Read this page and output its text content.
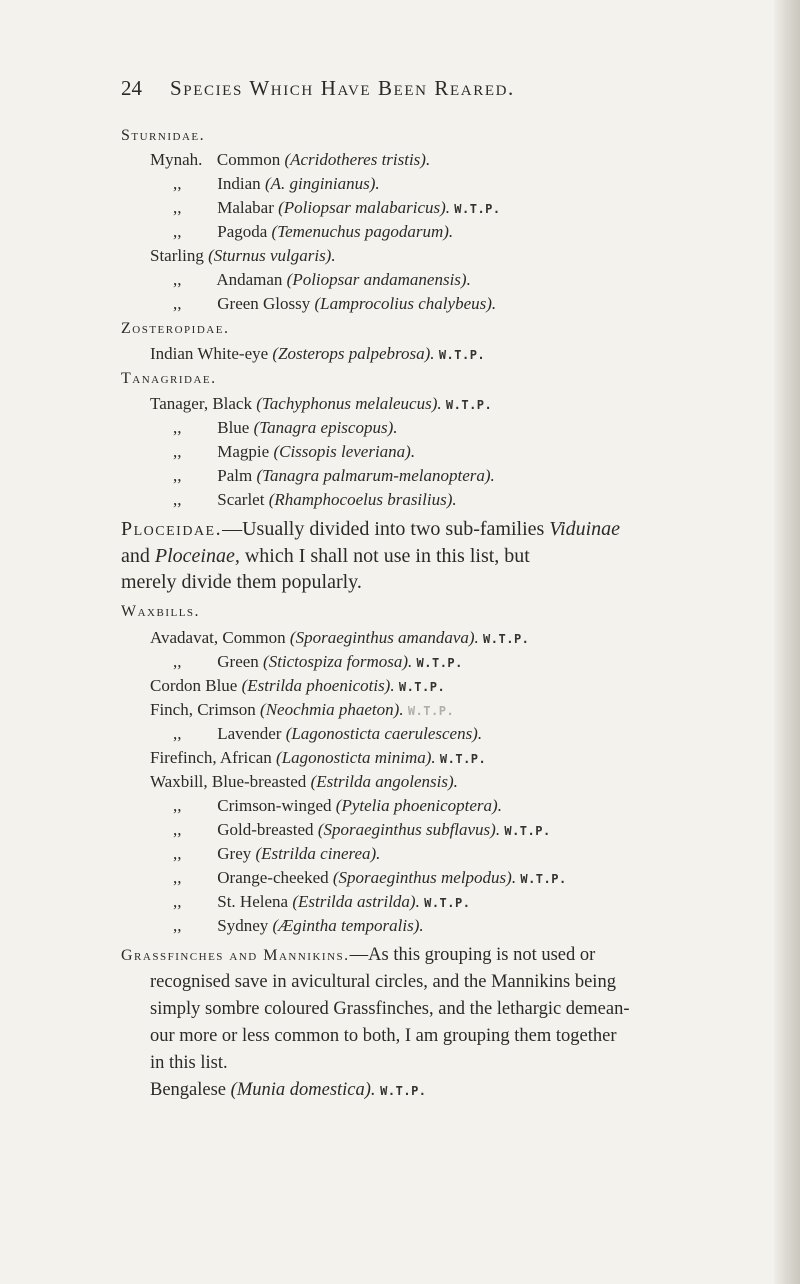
24 Species Which Have Been Reared.
Sturnidae.
Mynah. Common (Acridotheres tristis).
,, Indian (A. ginginianus).
,, Malabar (Poliopsar malabaricus). W.T.P.
,, Pagoda (Temenuchus pagodarum).
Starling (Sturnus vulgaris).
,, Andaman (Poliopsar andamanensis).
,, Green Glossy (Lamprocolius chalybeus).
Zosteropidae.
Indian White-eye (Zosterops palpebrosa). W.T.P.
Tanagridae.
Tanager, Black (Tachyphonus melaleucus). W.T.P.
,, Blue (Tanagra episcopus).
,, Magpie (Cissopis leveriana).
,, Palm (Tanagra palmarum-melanoptera).
,, Scarlet (Rhamphocoelus brasilius).
Ploceidae.—Usually divided into two sub-families Viduinae
and Ploceinae, which I shall not use in this list, but
merely divide them popularly.
Waxbills.
Avadavat, Common (Sporaeginthus amandava). W.T.P.
,, Green (Stictospiza formosa). W.T.P.
Cordon Blue (Estrilda phoenicotis). W.T.P.
Finch, Crimson (Neochmia phaeton). W.T.P.
,, Lavender (Lagonosticta caerulescens).
Firefinch, African (Lagonosticta minima). W.T.P.
Waxbill, Blue-breasted (Estrilda angolensis).
,, Crimson-winged (Pytelia phoenicoptera).
,, Gold-breasted (Sporaeginthus subflavus). W.T.P.
,, Grey (Estrilda cinerea).
,, Orange-cheeked (Sporaeginthus melpodus). W.T.P.
,, St. Helena (Estrilda astrilda). W.T.P.
,, Sydney (Ægintha temporalis).
Grassfinches and Mannikins.—As this grouping is not used or
recognised save in avicultural circles, and the Mannikins being
simply sombre coloured Grassfinches, and the lethargic demean-
our more or less common to both, I am grouping them together
in this list.
Bengalese (Munia domestica). W.T.P.
